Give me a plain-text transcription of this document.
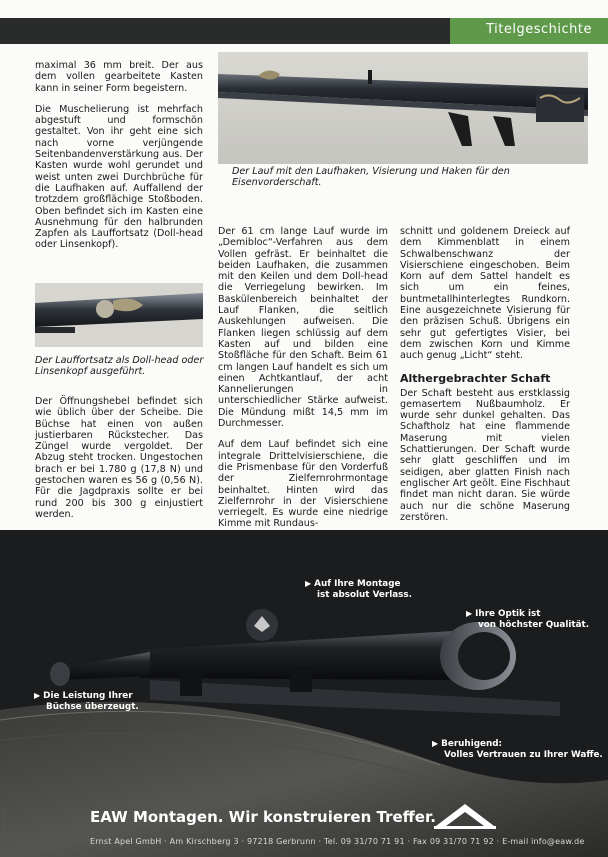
Titelgeschichte
Der Lauf mit den Laufhaken, Visierung und Haken für den Eisenvorderschaft.

maximal 36 mm breit. Der aus dem vollen gearbeitete Kasten kann in seiner Form begeistern.

Die Muschelierung ist mehrfach abgestuft und formschön gestaltet. Von ihr geht eine sich nach vorne verjüngende Seitenbandenverstärkung aus. Der Kasten wurde wohl gerundet und weist unten zwei Durchbrüche für die Laufhaken auf. Auffallend der trotzdem großflächige Stoßboden. Oben befindet sich im Kasten eine Ausnehmung für den halbrunden Zapfen als Lauffortsatz (Doll-head oder Linsenkopf).

Der Lauffortsatz als Doll-head oder Linsenkopf ausgeführt.

Der Öffnungshebel befindet sich wie üblich über der Scheibe. Die Büchse hat einen von außen justierbaren Rückstecher. Das Züngel wurde vergoldet. Der Abzug steht trocken. Ungestochen brach er bei 1.780 g (17,8 N) und gestochen waren es 56 g (0,56 N). Für die Jagdpraxis sollte er bei rund 200 bis 300 g einjustiert werden.

Der 61 cm lange Lauf wurde im „Demibloc“-Verfahren aus dem Vollen gefräst. Er beinhaltet die beiden Laufhaken, die zusammen mit den Keilen und dem Doll-head die Verriegelung bewirken. Im Baskülenbereich beinhaltet der Lauf Flanken, die seitlich Auskehlungen aufweisen. Die Flanken liegen schlüssig auf dem Kasten auf und bilden eine Stoßfläche für den Schaft. Beim 61 cm langen Lauf handelt es sich um einen Achtkantlauf, der acht Kannelierungen in unterschiedlicher Stärke aufweist. Die Mündung mißt 14,5 mm im Durchmesser.

Auf dem Lauf befindet sich eine integrale Drittelvisierschiene, die die Prismenbase für den Vorderfuß der Zielfernrohrmontage beinhaltet. Hinten wird das Zielfernrohr in der Visierschiene verriegelt. Es wurde eine niedrige Kimme mit Rundaus-

schnitt und goldenem Dreieck auf dem Kimmenblatt in einem Schwalbenschwanz der Visierschiene eingeschoben. Beim Korn auf dem Sattel handelt es sich um ein feines, buntmetallhinterlegtes Rundkorn. Eine ausgezeichnete Visierung für den präzisen Schuß. Übrigens ein sehr gut gefertigtes Visier, bei dem zwischen Korn und Kimme auch genug „Licht“ steht.

Althergebrachter Schaft

Der Schaft besteht aus erstklassig gemasertem Nußbaumholz. Er wurde sehr dunkel gehalten. Das Schaftholz hat eine flammende Maserung mit vielen Schattierungen. Der Schaft wurde sehr glatt geschliffen und im seidigen, aber glatten Finish nach englischer Art geölt. Eine Fischhaut findet man nicht daran. Sie würde auch nur die schöne Maserung zerstören.

▶ Auf Ihre Montage
ist absolut Verlass.
▶ Ihre Optik ist
von höchster Qualität.
▶ Die Leistung Ihrer
Büchse überzeugt.
▶ Beruhigend:
Volles Vertrauen zu Ihrer Waffe.
EAW Montagen. Wir konstruieren Treffer.
Ernst Apel GmbH · Am Kirschberg 3 · 97218 Gerbrunn · Tel. 09 31/70 71 91 · Fax 09 31/70 71 92 · E-mail info@eaw.de
www.castella.mw
